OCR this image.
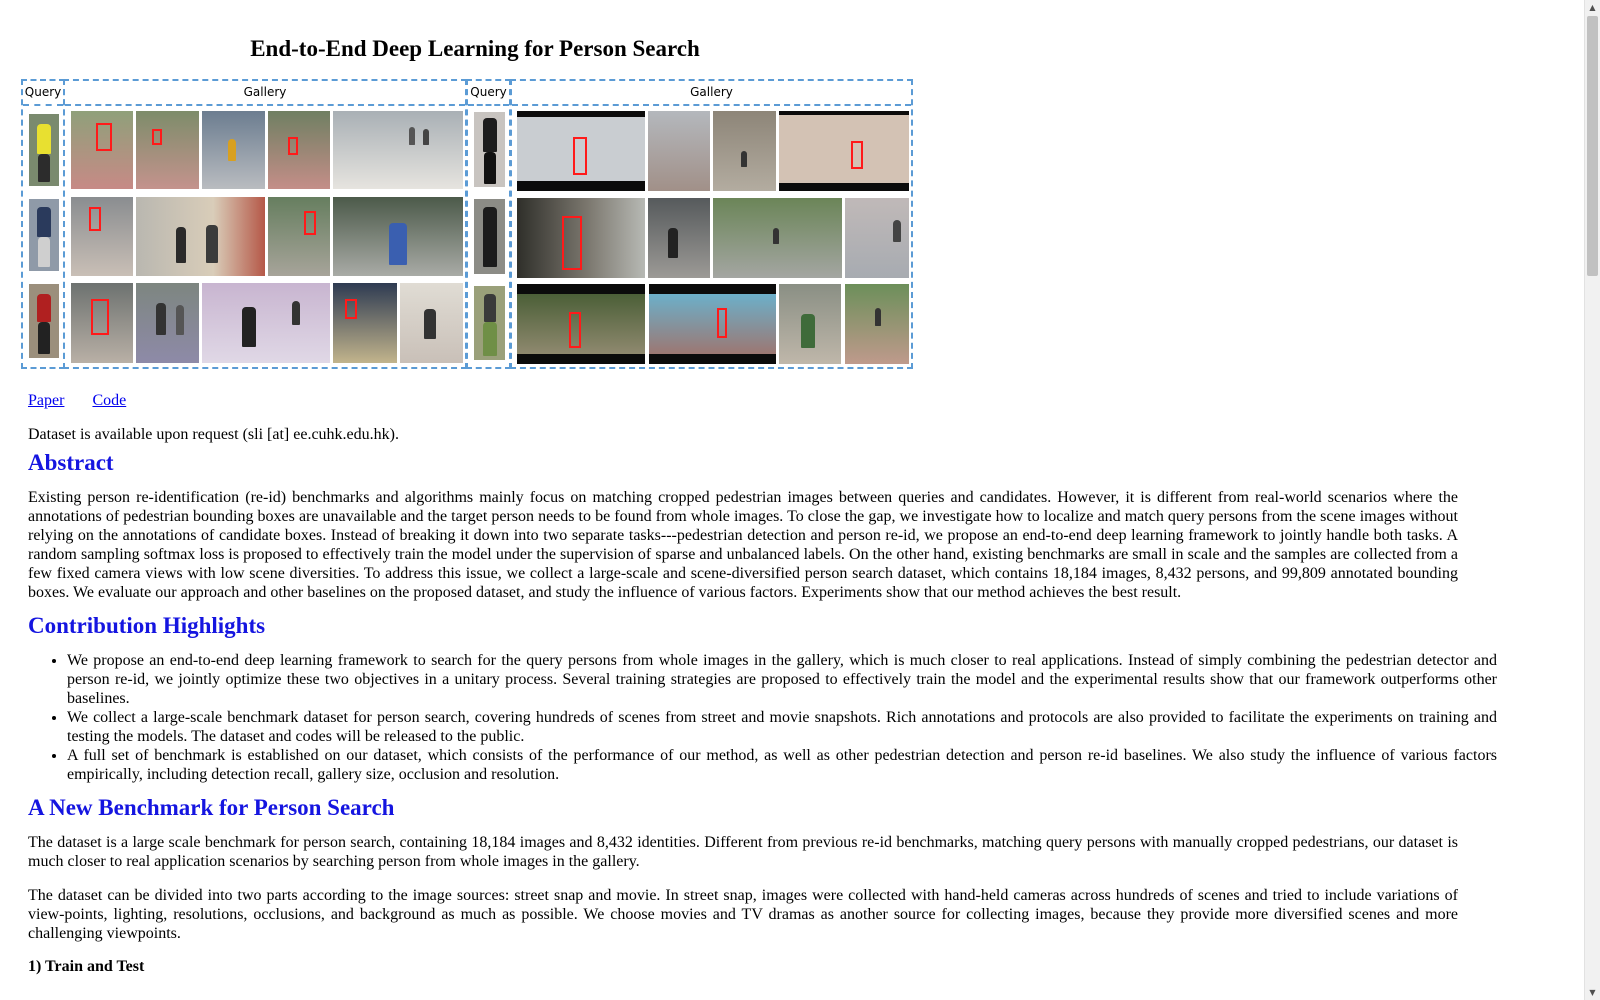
End-to-End Deep Learning for Person Search
Query	Gallery	Query	Gallery
Paper Code

Dataset is available upon request (sli [at] ee.cuhk.edu.hk).

Abstract

Existing person re-identification (re-id) benchmarks and algorithms mainly focus on matching cropped pedestrian images between queries and candidates. However, it is different from real-world scenarios where the annotations of pedestrian bounding boxes are unavailable and the target person needs to be found from whole images. To close the gap, we investigate how to localize and match query persons from the scene images without relying on the annotations of candidate boxes. Instead of breaking it down into two separate tasks---pedestrian detection and person re-id, we propose an end-to-end deep learning framework to jointly handle both tasks. A random sampling softmax loss is proposed to effectively train the model under the supervision of sparse and unbalanced labels. On the other hand, existing benchmarks are small in scale and the samples are collected from a few fixed camera views with low scene diversities. To address this issue, we collect a large-scale and scene-diversified person search dataset, which contains 18,184 images, 8,432 persons, and 99,809 annotated bounding boxes. We evaluate our approach and other baselines on the proposed dataset, and study the influence of various factors. Experiments show that our method achieves the best result.

Contribution Highlights
• We propose an end-to-end deep learning framework to search for the query persons from whole images in the gallery, which is much closer to real applications. Instead of simply combining the pedestrian detector and person re-id, we jointly optimize these two objectives in a unitary process. Several training strategies are proposed to effectively train the model and the experimental results show that our framework outperforms other baselines.
• We collect a large-scale benchmark dataset for person search, covering hundreds of scenes from street and movie snapshots. Rich annotations and protocols are also provided to facilitate the experiments on training and testing the models. The dataset and codes will be released to the public.
• A full set of benchmark is established on our dataset, which consists of the performance of our method, as well as other pedestrian detection and person re-id baselines. We also study the influence of various factors empirically, including detection recall, gallery size, occlusion and resolution.
A New Benchmark for Person Search

The dataset is a large scale benchmark for person search, containing 18,184 images and 8,432 identities. Different from previous re-id benchmarks, matching query persons with manually cropped pedestrians, our dataset is much closer to real application scenarios by searching person from whole images in the gallery.

The dataset can be divided into two parts according to the image sources: street snap and movie. In street snap, images were collected with hand-held cameras across hundreds of scenes and tried to include variations of view-points, lighting, resolutions, occlusions, and background as much as possible. We choose movies and TV dramas as another source for collecting images, because they provide more diversified scenes and more challenging viewpoints.

1) Train and Test
▲
▼
